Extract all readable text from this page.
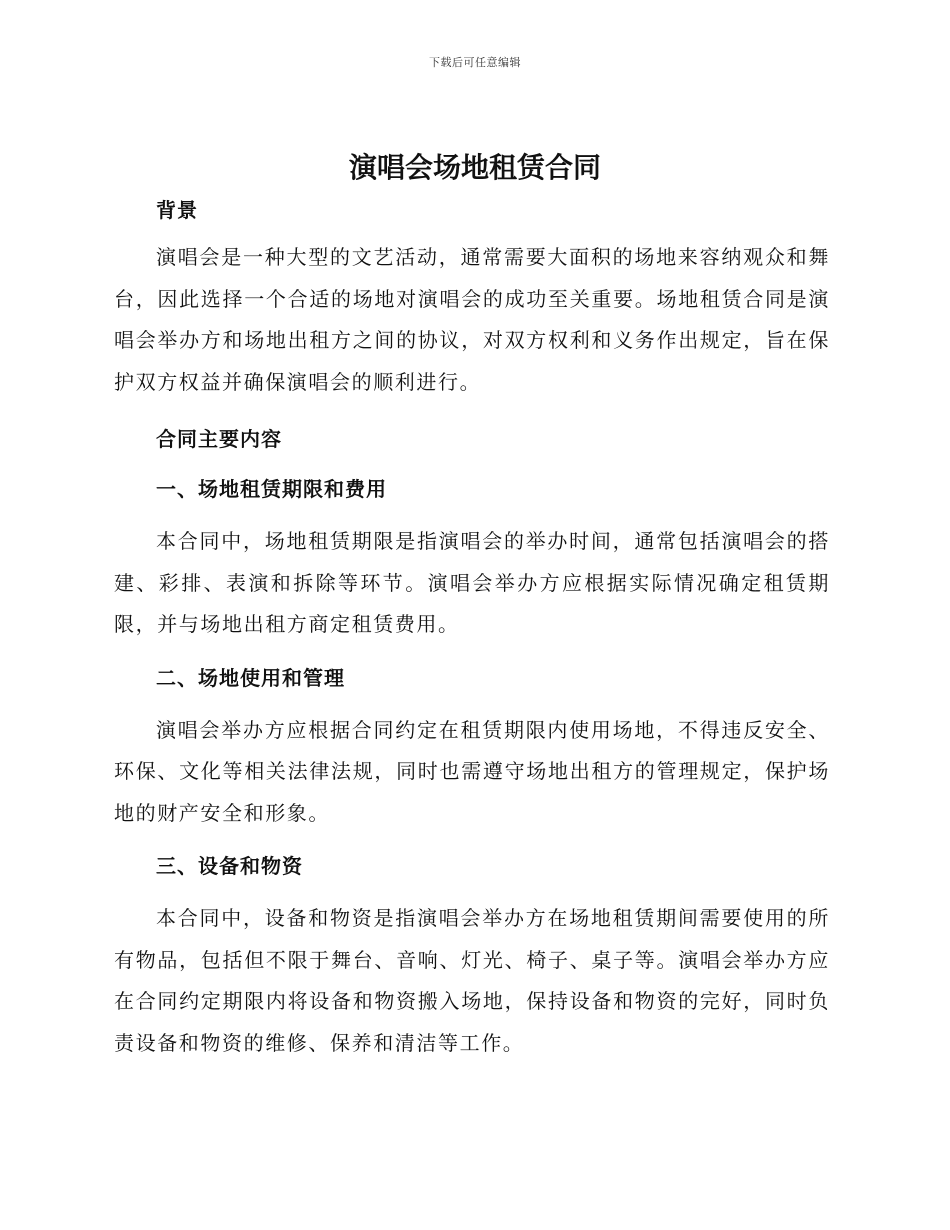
下载后可任意编辑
演唱会场地租赁合同

背景

演唱会是一种大型的文艺活动，通常需要大面积的场地来容纳观众和舞台，因此选择一个合适的场地对演唱会的成功至关重要。场地租赁合同是演唱会举办方和场地出租方之间的协议，对双方权利和义务作出规定，旨在保护双方权益并确保演唱会的顺利进行。

合同主要内容

一、场地租赁期限和费用

本合同中，场地租赁期限是指演唱会的举办时间，通常包括演唱会的搭建、彩排、表演和拆除等环节。演唱会举办方应根据实际情况确定租赁期限，并与场地出租方商定租赁费用。

二、场地使用和管理

演唱会举办方应根据合同约定在租赁期限内使用场地，不得违反安全、环保、文化等相关法律法规，同时也需遵守场地出租方的管理规定，保护场地的财产安全和形象。

三、设备和物资

本合同中，设备和物资是指演唱会举办方在场地租赁期间需要使用的所有物品，包括但不限于舞台、音响、灯光、椅子、桌子等。演唱会举办方应在合同约定期限内将设备和物资搬入场地，保持设备和物资的完好，同时负责设备和物资的维修、保养和清洁等工作。
